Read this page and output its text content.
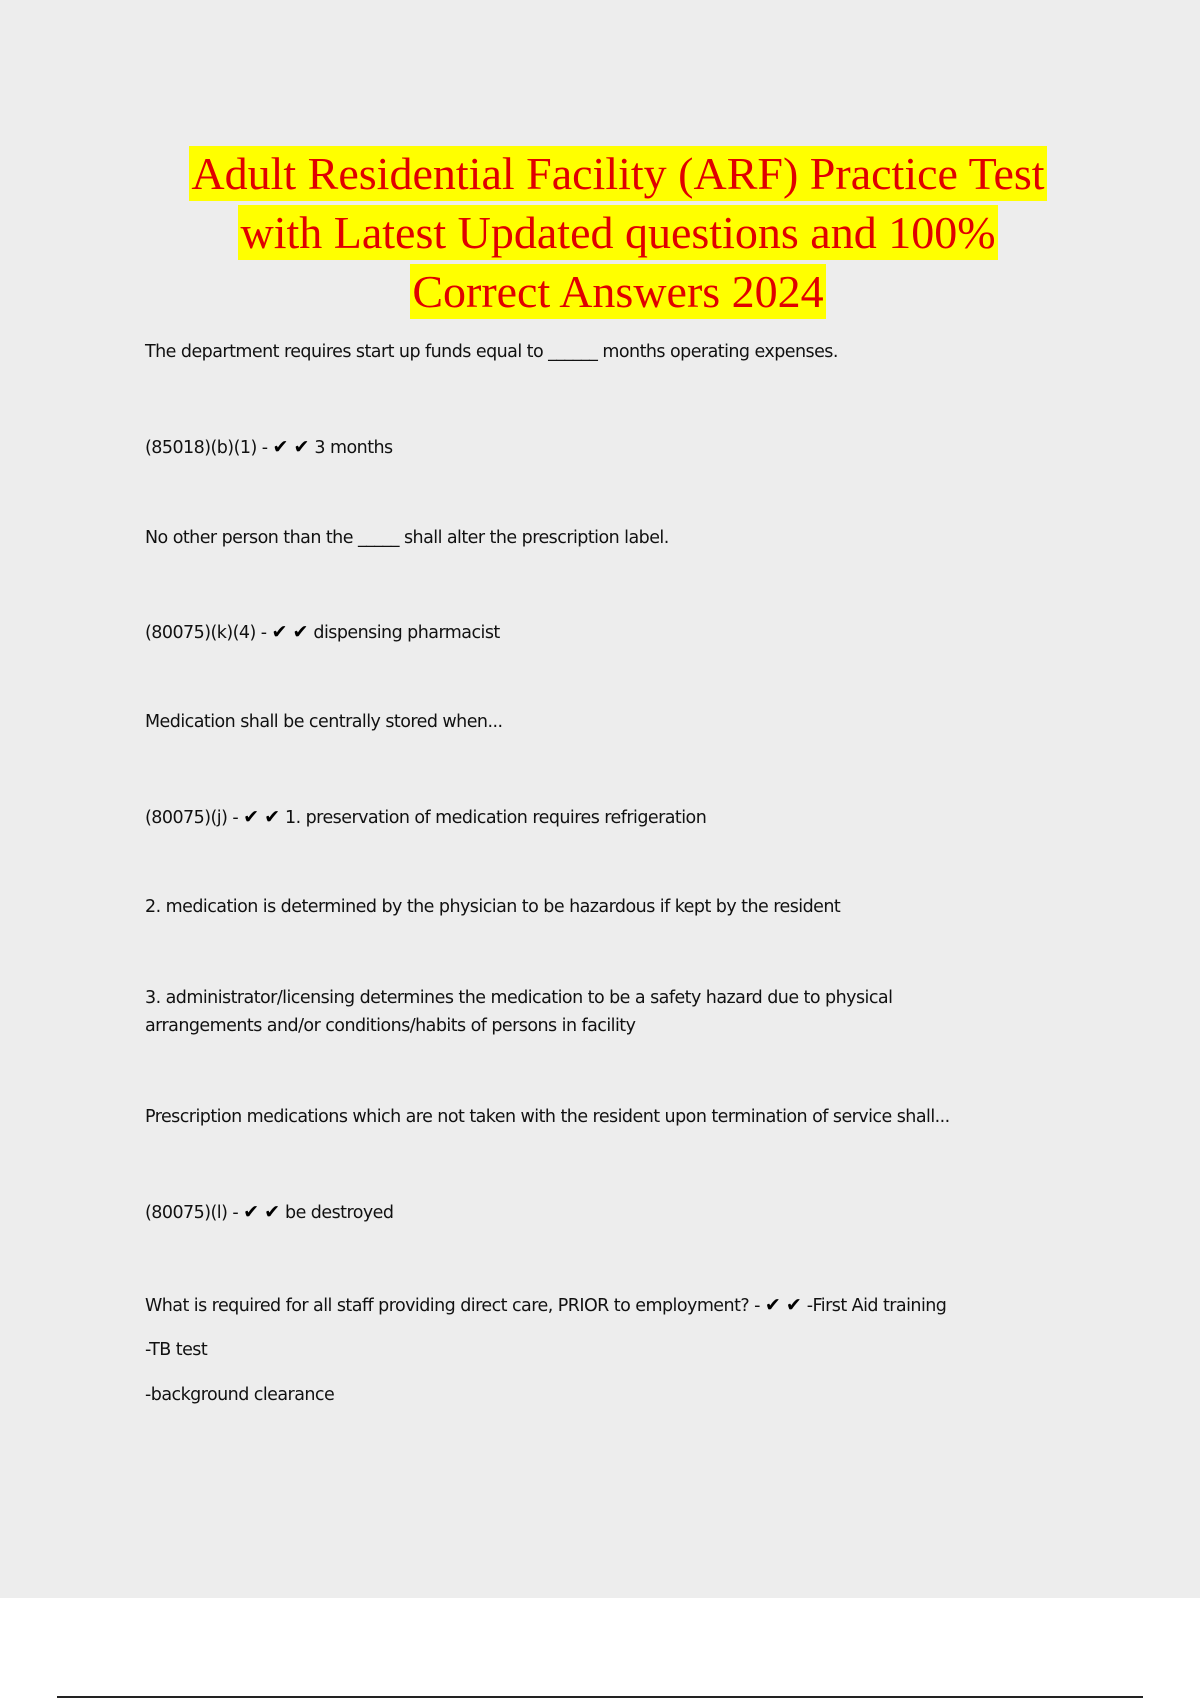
Adult Residential Facility (ARF) Practice Test
with Latest Updated questions and 100%
Correct Answers 2024
The department requires start up funds equal to ______ months operating expenses.
(85018)(b)(1) - ✔ ✔ 3 months
No other person than the _____ shall alter the prescription label.
(80075)(k)(4) - ✔ ✔ dispensing pharmacist
Medication shall be centrally stored when...
(80075)(j) - ✔ ✔ 1. preservation of medication requires refrigeration
2. medication is determined by the physician to be hazardous if kept by the resident
3. administrator/licensing determines the medication to be a safety hazard due to physical arrangements and/or conditions/habits of persons in facility
Prescription medications which are not taken with the resident upon termination of service shall...
(80075)(l) - ✔ ✔ be destroyed
What is required for all staff providing direct care, PRIOR to employment? - ✔ ✔ -First Aid training
-TB test
-background clearance
